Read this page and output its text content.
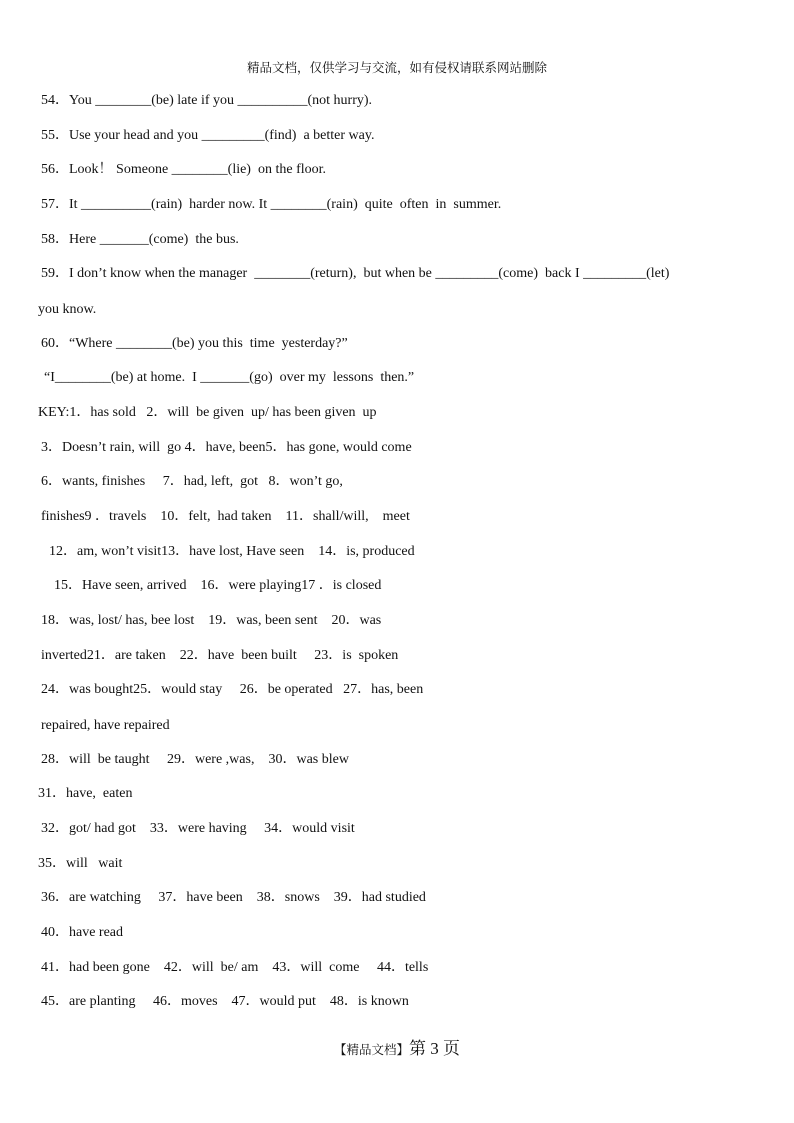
精品文档，仅供学习与交流，如有侵权请联系网站删除
54．You ________(be) late if you __________(not hurry).
55．Use your head and you _________(find)  a better way.
56．Look！ Someone ________(lie)  on the floor.
57．It __________(rain)  harder now. It ________(rain)  quite  often  in  summer.
58．Here _______(come)  the bus.
59．I don’t know when the manager  ________(return),  but when be _________(come)  back I _________(let)
you know.
60．“Where ________(be) you this  time  yesterday?”
“I________(be) at home.  I _______(go)  over my  lessons  then.”
KEY:1．has sold   2．will  be given  up/ has been given  up
3．Doesn’t rain, will  go 4．have, been5．has gone, would come
6．wants, finishes     7．had, left,  got   8．won’t go,
finishes9 ．travels    10．felt,  had taken    11．shall/will,    meet
12．am, won’t visit13．have lost, Have seen    14．is, produced
15．Have seen, arrived    16．were playing17 ．is closed
18．was, lost/ has, bee lost    19．was, been sent    20．was
inverted21．are taken    22．have  been built     23．is  spoken
24．was bought25．would stay     26．be operated   27．has, been
repaired, have repaired
28．will  be taught     29．were ,was,    30．was blew
31．have,  eaten
32．got/ had got    33．were having     34．would visit
35．will   wait
36．are watching     37．have been    38．snows    39．had studied
40．have read
41．had been gone    42．will  be/ am    43．will  come     44．tells
45．are planting     46．moves    47．would put    48．is known
【精品文档】第 3 页
